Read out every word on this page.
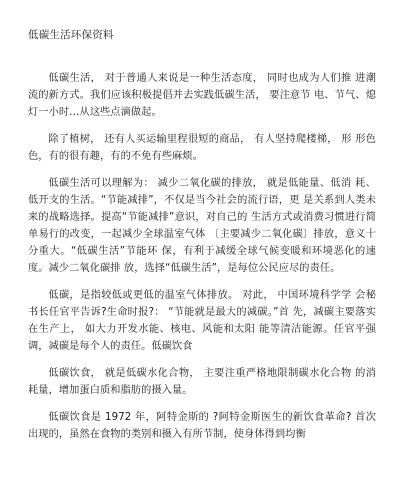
低碳生活环保资料

低碳生活， 对于普通人来说是一种生活态度， 同时也成为人们推 进潮流的新方式。我们应该积极提倡并去实践低碳生活， 要注意节 电、节气、熄灯一小时…从这些点滴做起。

除了植树， 还有人买运输里程很短的商品， 有人坚持爬楼梯， 形 形色色，有的很有趣，有的不免有些麻烦。

低碳生活可以理解为： 减少二氧化碳的排放， 就是低能量、低消 耗、低开支的生活。“节能减排”，不仅是当今社会的流行语，更 是关系到人类未来的战略选择。提高“节能减排”意识，对自己的 生活方式或消费习惯进行简单易行的改变，一起减少全球温室气体 〔主要减少二氧化碳〕排放，意义十分重大。“低碳生活”节能环 保，有利于减缓全球气候变暖和环境恶化的速度。减少二氧化碳排 放，选择“低碳生活”，是每位公民应尽的责任。

低碳，是指较低或更低的温室气体排放。 对此， 中国环境科学学 会秘书长任官平告诉?生命时报?： “节能就是最大的减碳。”首 先，减碳主要落实在生产上， 如大力开发水能、核电、风能和太阳 能等清洁能源。任官平强调，减碳是每个人的责任。低碳饮食

低碳饮食， 就是低碳水化合物， 主要注重严格地限制碳水化合物 的消耗量，增加蛋白质和脂肪的摄入量。

低碳饮食是 1972 年，阿特金斯的 ?阿特金斯医生的新饮食革命? 首次出现的，虽然在食物的类别和摄入有所节制，使身体得到均衡
